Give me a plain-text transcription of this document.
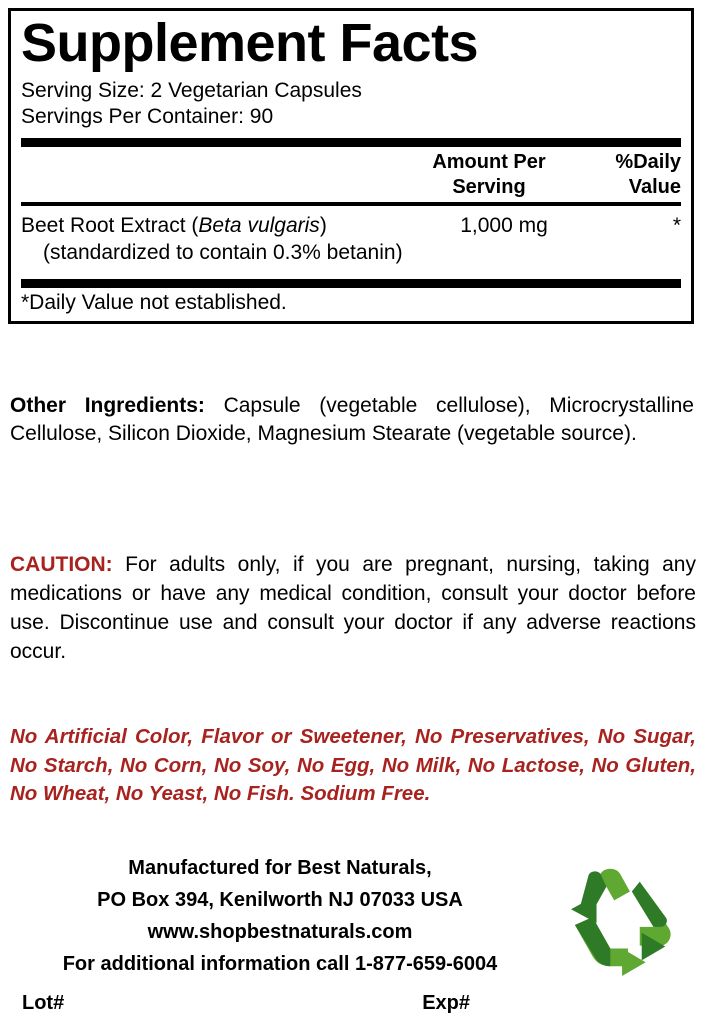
Supplement Facts
Serving Size: 2 Vegetarian Capsules
Servings Per Container: 90
Amount Per
Serving
%Daily
Value
Beet Root Extract (Beta vulgaris)
(standardized to contain 0.3% betanin)
1,000 mg	*
*Daily Value not established.
Other Ingredients: Capsule (vegetable cellulose), Microcrystalline Cellulose, Silicon Dioxide, Magnesium Stearate (vegetable source).
CAUTION: For adults only, if you are pregnant, nursing, taking any medications or have any medical condition, consult your doctor before use. Discontinue use and consult your doctor if any adverse reactions occur.
No Artificial Color, Flavor or Sweetener, No Preservatives, No Sugar, No Starch, No Corn, No Soy, No Egg, No Milk, No Lactose, No Gluten, No Wheat, No Yeast, No Fish. Sodium Free.
Manufactured for Best Naturals,
PO Box 394, Kenilworth NJ 07033 USA
www.shopbestnaturals.com
For additional information call 1-877-659-6004
Lot#	Exp#
